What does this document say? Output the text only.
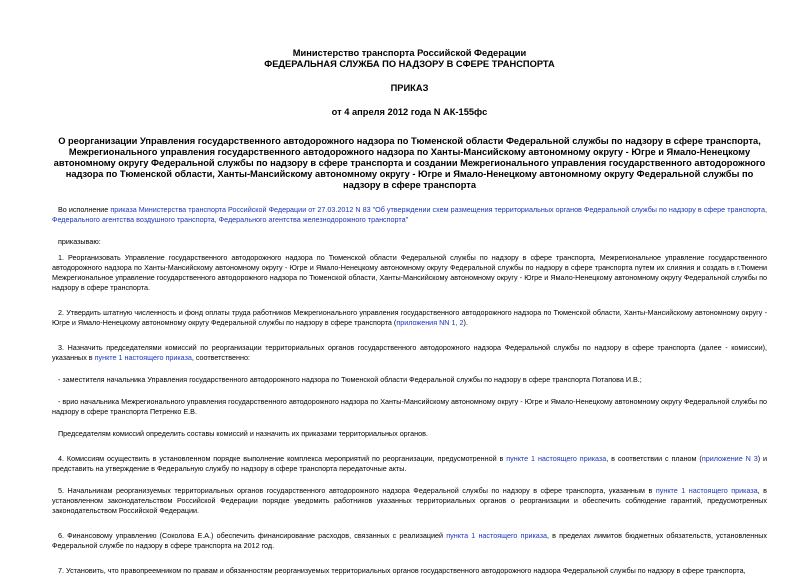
Министерство транспорта Российской Федерации
ФЕДЕРАЛЬНАЯ СЛУЖБА ПО НАДЗОРУ В СФЕРЕ ТРАНСПОРТА
ПРИКАЗ
от 4 апреля 2012 года N АК-155фс
О реорганизации Управления государственного автодорожного надзора по Тюменской области Федеральной службы по надзору в сфере транспорта, Межрегионального управления государственного автодорожного надзора по Ханты-Мансийскому автономному округу - Югре и Ямало-Ненецкому автономному округу Федеральной службы по надзору в сфере транспорта и создании Межрегионального управления государственного автодорожного надзора по Тюменской области, Ханты-Мансийскому автономному округу - Югре и Ямало-Ненецкому автономному округу Федеральной службы по надзору в сфере транспорта

Во исполнение приказа Министерства транспорта Российской Федерации от 27.03.2012 N 83 "Об утверждении схем размещения территориальных органов Федеральной службы по надзору в сфере транспорта, Федерального агентства воздушного транспорта, Федерального агентства железнодорожного транспорта"

приказываю:

1. Реорганизовать Управление государственного автодорожного надзора по Тюменской области Федеральной службы по надзору в сфере транспорта, Межрегиональное управление государственного автодорожного надзора по Ханты-Мансийскому автономному округу - Югре и Ямало-Ненецкому автономному округу Федеральной службы по надзору в сфере транспорта путем их слияния и создать в г.Тюмени Межрегиональное управление государственного автодорожного надзора по Тюменской области, Ханты-Мансийскому автономному округу - Югре и Ямало-Ненецкому автономному округу Федеральной службы по надзору в сфере транспорта.

2. Утвердить штатную численность и фонд оплаты труда работников Межрегионального управления государственного автодорожного надзора по Тюменской области, Ханты-Мансийскому автономному округу - Югре и Ямало-Ненецкому автономному округу Федеральной службы по надзору в сфере транспорта (приложения NN 1, 2).

3. Назначить председателями комиссий по реорганизации территориальных органов государственного автодорожного надзора Федеральной службы по надзору в сфере транспорта (далее - комиссии), указанных в пункте 1 настоящего приказа, соответственно:

- заместителя начальника Управления государственного автодорожного надзора по Тюменской области Федеральной службы по надзору в сфере транспорта Потапова И.В.;

- врио начальника Межрегионального управления государственного автодорожного надзора по Ханты-Мансийскому автономному округу - Югре и Ямало-Ненецкому автономному округу Федеральной службы по надзору в сфере транспорта Петренко Е.В.

Председателям комиссий определить составы комиссий и назначить их приказами территориальных органов.

4. Комиссиям осуществить в установленном порядке выполнение комплекса мероприятий по реорганизации, предусмотренной в пункте 1 настоящего приказа, в соответствии с планом (приложение N 3) и представить на утверждение в Федеральную службу по надзору в сфере транспорта передаточные акты.

5. Начальникам реорганизуемых территориальных органов государственного автодорожного надзора Федеральной службы по надзору в сфере транспорта, указанным в пункте 1 настоящего приказа, в установленном законодательством Российской Федерации порядке уведомить работников указанных территориальных органов о реорганизации и обеспечить соблюдение гарантий, предусмотренных законодательством Российской Федерации.

6. Финансовому управлению (Соколова Е.А.) обеспечить финансирование расходов, связанных с реализацией пункта 1 настоящего приказа, в пределах лимитов бюджетных обязательств, установленных Федеральной службе по надзору в сфере транспорта на 2012 год.

7. Установить, что правопреемником по правам и обязанностям реорганизуемых территориальных органов государственного автодорожного надзора Федеральной службы по надзору в сфере транспорта,
